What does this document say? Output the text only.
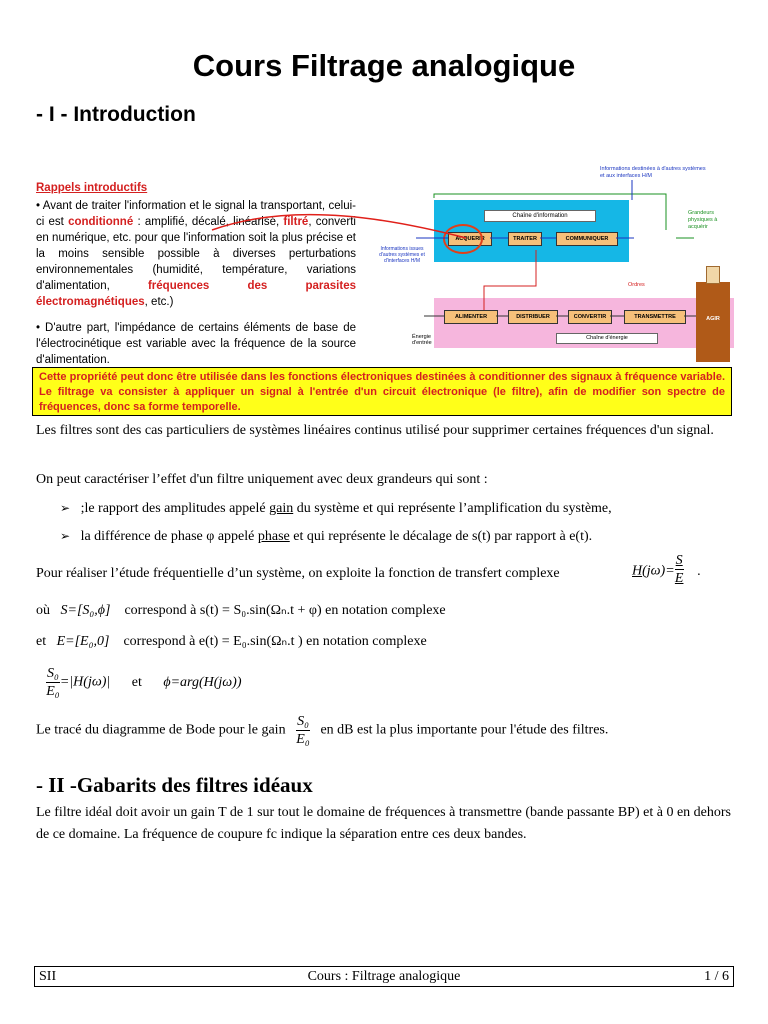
Cours Filtrage analogique
- I - Introduction
Rappels introductifs
• Avant de traiter l'information et le signal la transportant, celui-ci est conditionné : amplifié, décalé, linéarisé, filtré, converti en numérique, etc. pour que l'information soit la plus précise et la moins sensible possible à diverses perturbations environnementales (humidité, température, variations d'alimentation, fréquences des parasites électromagnétiques, etc.)
• D'autre part, l'impédance de certains éléments de base de l'électrocinétique est variable avec la fréquence de la source d'alimentation.
Chaîne d'information
ACQUERIR	TRAITER	COMMUNIQUER
Informations destinées à d'autres systèmes et aux interfaces H/M
Informations issues d'autres systèmes et d'interfaces H/M
Grandeurs physiques à acquérir
Ordres
ALIMENTER	DISTRIBUER	CONVERTIR	TRANSMETTRE	AGIR
Énergie d'entrée
Chaîne d'énergie
Cette propriété peut donc être utilisée dans les fonctions électroniques destinées à conditionner des signaux à fréquence variable. Le filtrage va consister à appliquer un signal à l'entrée d'un circuit électronique (le filtre), afin de modifier son spectre de fréquences, donc sa forme temporelle.
Les filtres sont des cas particuliers de systèmes linéaires continus utilisé pour supprimer certaines fréquences d'un signal.
On peut caractériser l’effet d'un filtre uniquement avec deux grandeurs qui sont :
➢ ;le rapport des amplitudes appelé gain du système et qui représente l’amplification du système,
➢ la différence de phase φ appelé phase et qui représente le décalage de s(t) par rapport à e(t).
Pour réaliser l’étude fréquentielle d’un système, on exploite la fonction de transfert complexe	$H(j\omega)= \frac{S}{E}$ .
où S=[S₀,ϕ] correspond à s(t) = S₀.sin(Ωₙ.t + φ) en notation complexe
et E=[E₀,0] correspond à e(t) = E₀.sin(Ωₙ.t ) en notation complexe
$\frac{\text{S₀}}{\text{E₀}} =|H(j\omega)|$ et ϕ=arg(H(jω))
Le tracé du diagramme de Bode pour le gain $\frac{\text{S₀}}{\text{E₀}}$ en dB est la plus importante pour l'étude des filtres.
- II -Gabarits des filtres idéaux
Le filtre idéal doit avoir un gain T de 1 sur tout le domaine de fréquences à transmettre (bande passante BP) et à 0 en dehors de ce domaine. La fréquence de coupure fc indique la séparation entre ces deux bandes.
SII	Cours : Filtrage analogique	1 / 6
